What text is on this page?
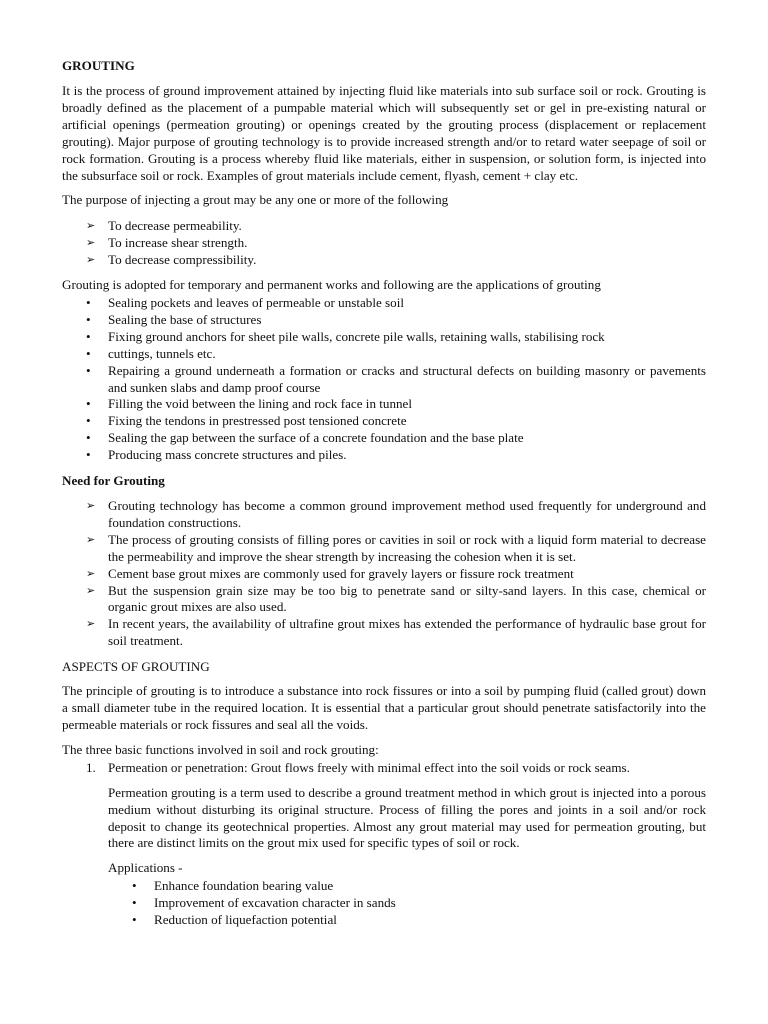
GROUTING

It is the process of ground improvement attained by injecting fluid like materials into sub surface soil or rock. Grouting is broadly defined as the placement of a pumpable material which will subsequently set or gel in pre-existing natural or artificial openings (permeation grouting) or openings created by the grouting process (displacement or replacement grouting). Major purpose of grouting technology is to provide increased strength and/or to retard water seepage of soil or rock formation. Grouting is a process whereby fluid like materials, either in suspension, or solution form, is injected into the subsurface soil or rock. Examples of grout materials include cement, flyash, cement + clay etc.

The purpose of injecting a grout may be any one or more of the following

➢ To decrease permeability.
➢ To increase shear strength.
➢ To decrease compressibility.

Grouting is adopted for temporary and permanent works and following are the applications of grouting

• Sealing pockets and leaves of permeable or unstable soil
• Sealing the base of structures
• Fixing ground anchors for sheet pile walls, concrete pile walls, retaining walls, stabilising rock
• cuttings, tunnels etc.
• Repairing a ground underneath a formation or cracks and structural defects on building masonry or pavements and sunken slabs and damp proof course
• Filling the void between the lining and rock face in tunnel
• Fixing the tendons in prestressed post tensioned concrete
• Sealing the gap between the surface of a concrete foundation and the base plate
• Producing mass concrete structures and piles.
Need for Grouting
➢ Grouting technology has become a common ground improvement method used frequently for underground and foundation constructions.
➢ The process of grouting consists of filling pores or cavities in soil or rock with a liquid form material to decrease the permeability and improve the shear strength by increasing the cohesion when it is set.
➢ Cement base grout mixes are commonly used for gravely layers or fissure rock treatment
➢ But the suspension grain size may be too big to penetrate sand or silty-sand layers. In this case, chemical or organic grout mixes are also used.
➢ In recent years, the availability of ultrafine grout mixes has extended the performance of hydraulic base grout for soil treatment.
ASPECTS OF GROUTING

The principle of grouting is to introduce a substance into rock fissures or into a soil by pumping fluid (called grout) down a small diameter tube in the required location. It is essential that a particular grout should penetrate satisfactorily into the permeable materials or rock fissures and seal all the voids.

The three basic functions involved in soil and rock grouting:

1. Permeation or penetration: Grout flows freely with minimal effect into the soil voids or rock seams.

Permeation grouting is a term used to describe a ground treatment method in which grout is injected into a porous medium without disturbing its original structure. Process of filling the pores and joints in a soil and/or rock deposit to change its geotechnical properties. Almost any grout material may used for permeation grouting, but there are distinct limits on the grout mix used for specific types of soil or rock.

Applications -
• Enhance foundation bearing value
• Improvement of excavation character in sands
• Reduction of liquefaction potential
